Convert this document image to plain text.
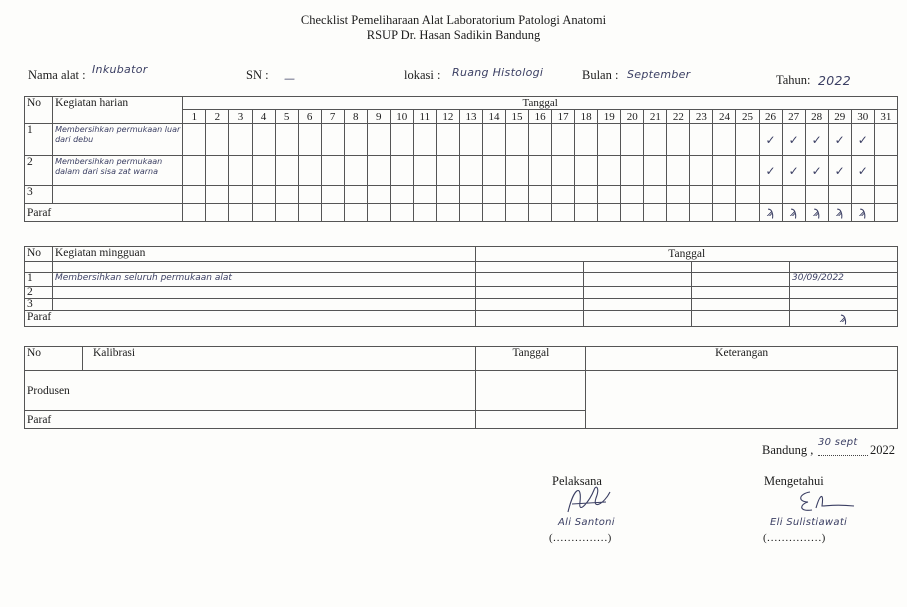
Checklist Pemeliharaan Alat Laboratorium Patologi Anatomi
RSUP Dr. Hasan Sadikin Bandung
Nama alat : Inkubator	SN : —	lokasi : Ruang Histologi	Bulan : September	Tahun: 2022
No	Kegiatan harian	Tanggal																														
		1	2	3	4	5	6	7	8	9	10	11	12	13	14	15	16	17	18	19	20	21	22	23	24	25	26	27	28	29	30	31
1	Membersihkan permukaan luar dari debu																										✓	✓	✓	✓	✓	
2	Membersihkan permukaan dalam dari sisa zat warna																										✓	✓	✓	✓	✓	
3																																
Paraf																											ϡ	ϡ	ϡ	ϡ	ϡ	
No	Kegiatan mingguan	Tanggal			

1	Membersihkan seluruh permukaan alat				30/09/2022
2					
3					
Paraf					ϡ
No	Kalibrasi	Tanggal	Keterangan
Produsen			
Paraf			
Bandung ,
30 sept
2022
Pelaksana
Ali Santoni
(……………)
Mengetahui
Eli Sulistiawati
(……………)
